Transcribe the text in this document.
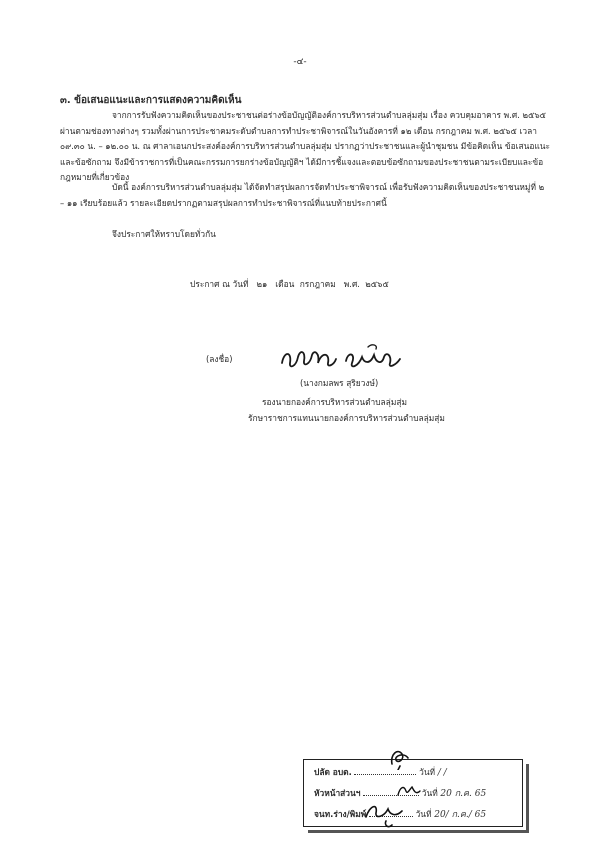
-๔-
๓. ข้อเสนอแนะและการแสดงความคิดเห็น

จากการรับฟังความคิดเห็นของประชาชนต่อร่างข้อบัญญัติองค์การบริหารส่วนตำบลลุ่มสุ่ม เรื่อง ควบคุมอาคาร พ.ศ. ๒๕๖๕ ผ่านตามช่องทางต่างๆ รวมทั้งผ่านการประชาคมระดับตำบลการทำประชาพิจารณ์ในวันอังคารที่ ๑๒ เดือน กรกฎาคม พ.ศ. ๒๕๖๕ เวลา ๐๙.๓๐ น. – ๑๒.๐๐ น. ณ ศาลาเอนกประสงค์องค์การบริหารส่วนตำบลลุ่มสุ่ม ปรากฏว่าประชาชนและผู้นำชุมชน มีข้อคิดเห็น ข้อเสนอแนะ และข้อซักถาม จึงมีข้าราชการที่เป็นคณะกรรมการยกร่างข้อบัญญัติฯ ได้มีการชี้แจงและตอบข้อซักถามของประชาชนตามระเบียบและข้อกฎหมายที่เกี่ยวข้อง

บัดนี้ องค์การบริหารส่วนตำบลลุ่มสุ่ม ได้จัดทำสรุปผลการจัดทำประชาพิจารณ์ เพื่อรับฟังความคิดเห็นของประชาชนหมู่ที่ ๒ – ๑๑ เรียบร้อยแล้ว รายละเอียดปรากฏตามสรุปผลการทำประชาพิจารณ์ที่แนบท้ายประกาศนี้

จึงประกาศให้ทราบโดยทั่วกัน

ประกาศ ณ วันที่ ๒๑ เดือน กรกฎาคม พ.ศ. ๒๕๖๕
(ลงชื่อ)
(นางกมลพร สุริยวงษ์)
รองนายกองค์การบริหารส่วนตำบลลุ่มสุ่ม
รักษาราชการแทนนายกองค์การบริหารส่วนตำบลลุ่มสุ่ม
ปลัด อบต.	วันที่ / /
หัวหน้าส่วนฯ	วันที่ 20 ก.ค. 65
จนท.ร่าง/พิมพ์	วันที่ 20/ ก.ค./ 65
